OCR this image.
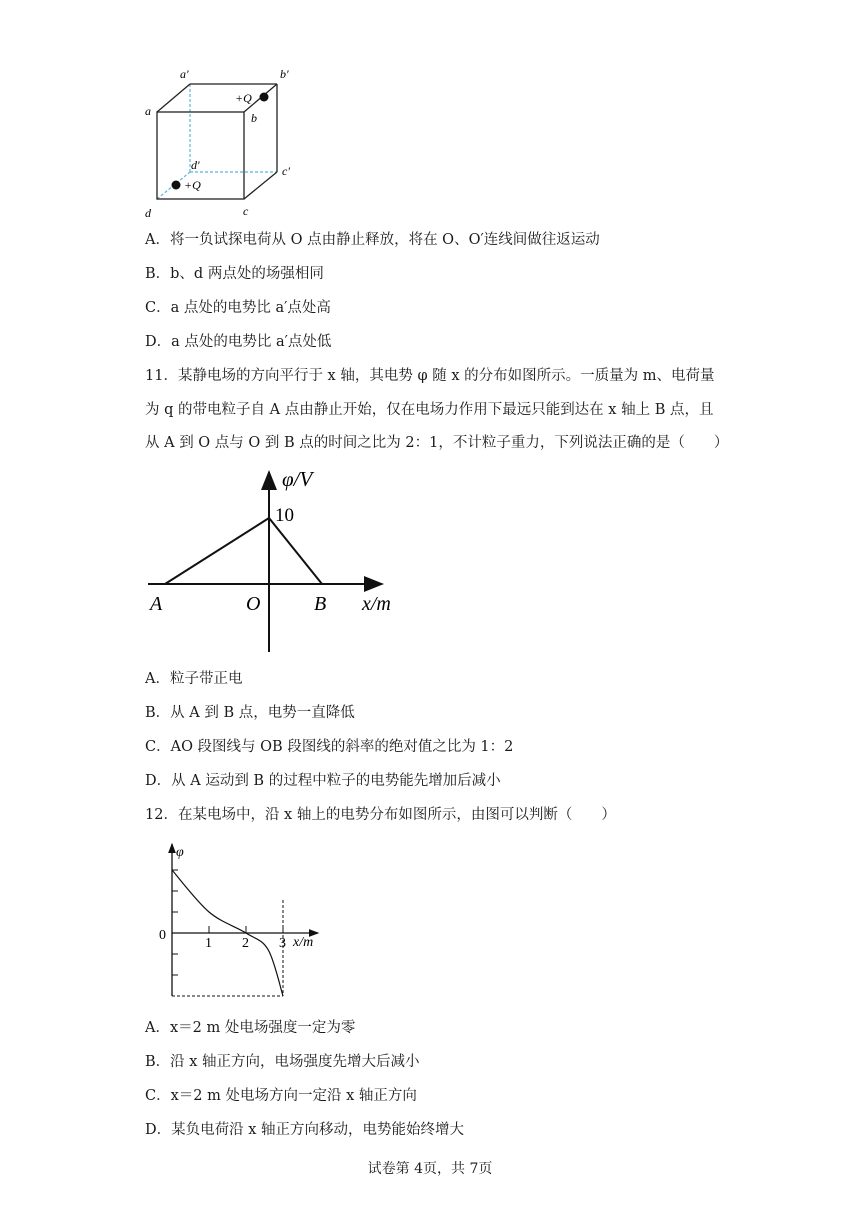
a
a′	b′
b
+Q
d′	c′
+Q
d	c
A．将一负试探电荷从 O 点由静止释放，将在 O、O′连线间做往返运动
B．b、d 两点处的场强相同
C．a 点处的电势比 a′点处高
D．a 点处的电势比 a′点处低
11．某静电场的方向平行于 x 轴，其电势 φ 随 x 的分布如图所示。一质量为 m、电荷量
为 q 的带电粒子自 A 点由静止开始，仅在电场力作用下最远只能到达在 x 轴上 B 点，且
从 A 到 O 点与 O 到 B 点的时间之比为 2：1，不计粒子重力，下列说法正确的是（　　）
φ/V
10
A	O	B x/m
A．粒子带正电
B．从 A 到 B 点，电势一直降低
C．AO 段图线与 OB 段图线的斜率的绝对值之比为 1：2
D．从 A 运动到 B 的过程中粒子的电势能先增加后减小
12．在某电场中，沿 x 轴上的电势分布如图所示，由图可以判断（　　）
φ
0
1 2 3 x/m
A．x＝2 m 处电场强度一定为零
B．沿 x 轴正方向，电场强度先增大后减小
C．x＝2 m 处电场方向一定沿 x 轴正方向
D．某负电荷沿 x 轴正方向移动，电势能始终增大
试卷第 4页，共 7页
